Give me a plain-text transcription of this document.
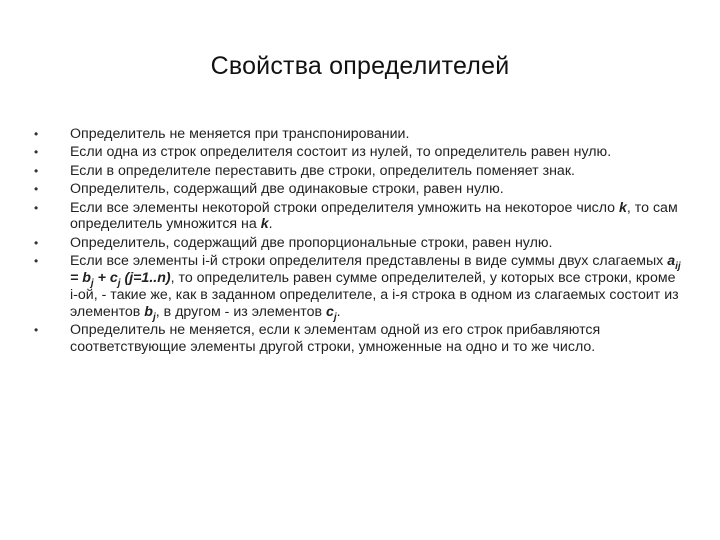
Свойства определителей
• Определитель не меняется при транспонировании.
• Если одна из строк определителя состоит из нулей, то определитель равен нулю.
• Если в определителе переставить две строки, определитель поменяет знак.
• Определитель, содержащий две одинаковые строки, равен нулю.
• Если все элементы некоторой строки определителя умножить на некоторое число k, то сам определитель умножится на k.
• Определитель, содержащий две пропорциональные строки, равен нулю.
• Если все элементы i-й строки определителя представлены в виде суммы двух слагаемых $a_{ij} = b_j + c_j$ (j=1..n), то определитель равен сумме определителей, у которых все строки, кроме i-ой, - такие же, как в заданном определителе, а i-я строка в одном из слагаемых состоит из элементов $b_j$, в другом - из элементов $c_j$.
• Определитель не меняется, если к элементам одной из его строк прибавляются соответствующие элементы другой строки, умноженные на одно и то же число.
